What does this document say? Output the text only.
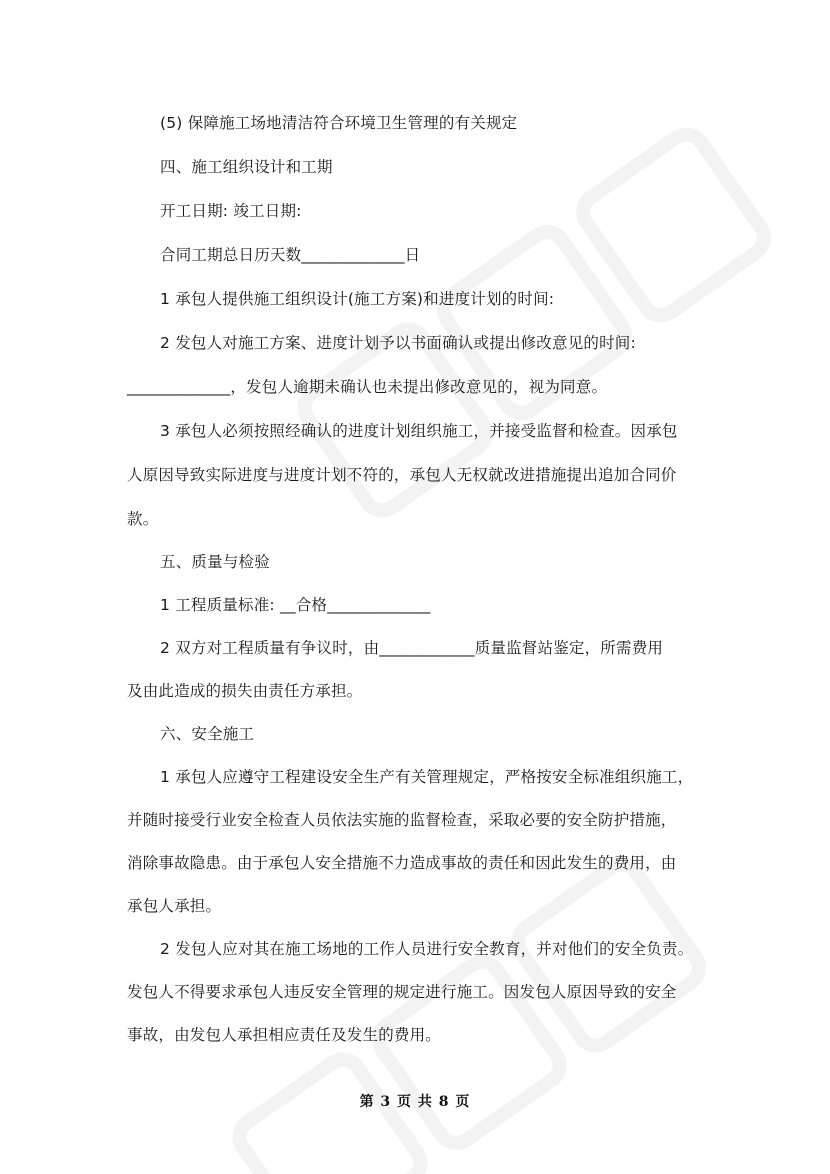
(5) 保障施工场地清洁符合环境卫生管理的有关规定
四、施工组织设计和工期
开工日期: 竣工日期:
合同工期总日历天数_____________日
1 承包人提供施工组织设计(施工方案)和进度计划的时间:
2 发包人对施工方案、进度计划予以书面确认或提出修改意见的时间:
_____________，发包人逾期未确认也未提出修改意见的，视为同意。
3 承包人必须按照经确认的进度计划组织施工，并接受监督和检查。因承包
人原因导致实际进度与进度计划不符的，承包人无权就改进措施提出追加合同价
款。
五、质量与检验
1 工程质量标准: __合格_____________
2 双方对工程质量有争议时，由____________质量监督站鉴定，所需费用
及由此造成的损失由责任方承担。
六、安全施工
1 承包人应遵守工程建设安全生产有关管理规定，严格按安全标准组织施工，
并随时接受行业安全检查人员依法实施的监督检查，采取必要的安全防护措施，
消除事故隐患。由于承包人安全措施不力造成事故的责任和因此发生的费用，由
承包人承担。
2 发包人应对其在施工场地的工作人员进行安全教育，并对他们的安全负责。
发包人不得要求承包人违反安全管理的规定进行施工。因发包人原因导致的安全
事故，由发包人承担相应责任及发生的费用。
第 3 页 共 8 页
